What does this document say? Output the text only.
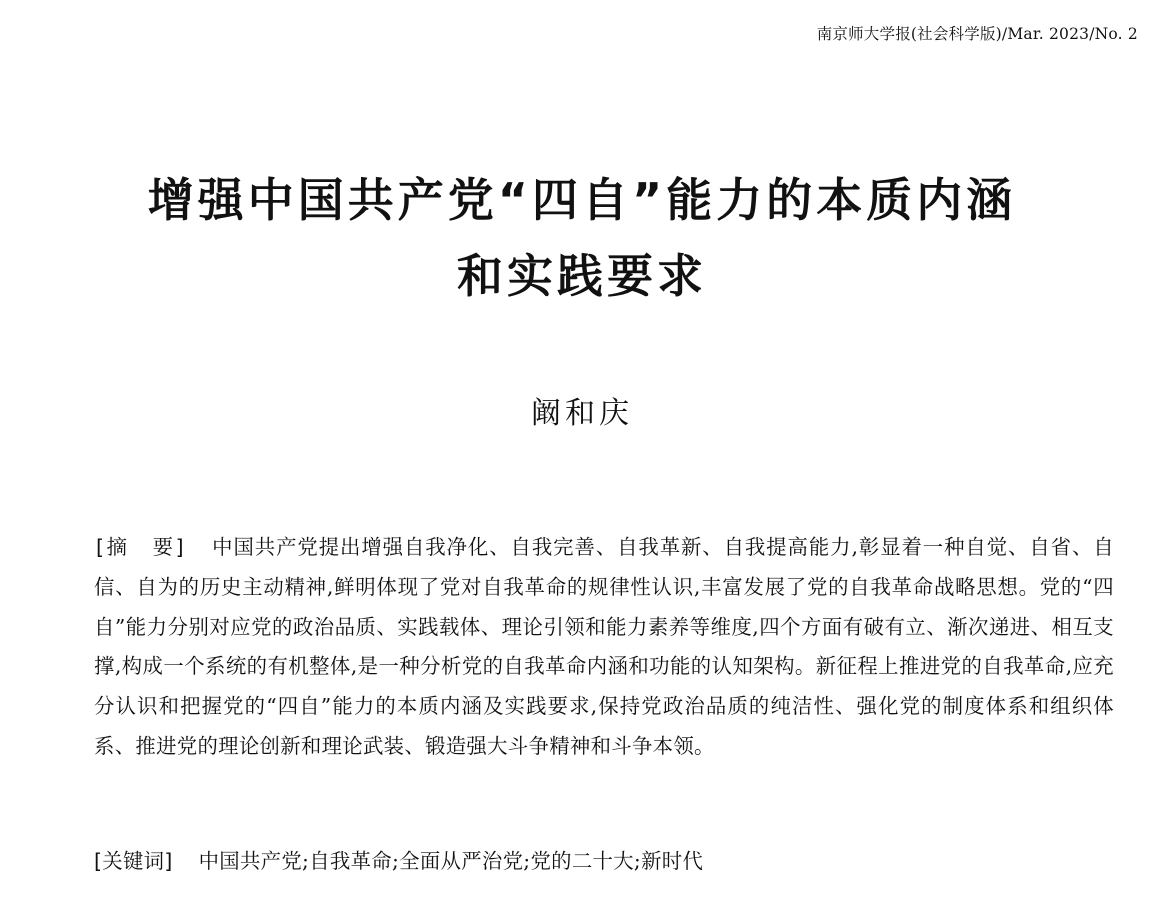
南京师大学报(社会科学版)/Mar. 2023/No. 2
增强中国共产党“四自”能力的本质内涵
和实践要求
阚和庆

[摘　要] 中国共产党提出增强自我净化、自我完善、自我革新、自我提高能力,彰显着一种自觉、自省、自信、自为的历史主动精神,鲜明体现了党对自我革命的规律性认识,丰富发展了党的自我革命战略思想。党的“四自”能力分别对应党的政治品质、实践载体、理论引领和能力素养等维度,四个方面有破有立、渐次递进、相互支撑,构成一个系统的有机整体,是一种分析党的自我革命内涵和功能的认知架构。新征程上推进党的自我革命,应充分认识和把握党的“四自”能力的本质内涵及实践要求,保持党政治品质的纯洁性、强化党的制度体系和组织体系、推进党的理论创新和理论武装、锻造强大斗争精神和斗争本领。

[关键词] 中国共产党;自我革命;全面从严治党;党的二十大;新时代
